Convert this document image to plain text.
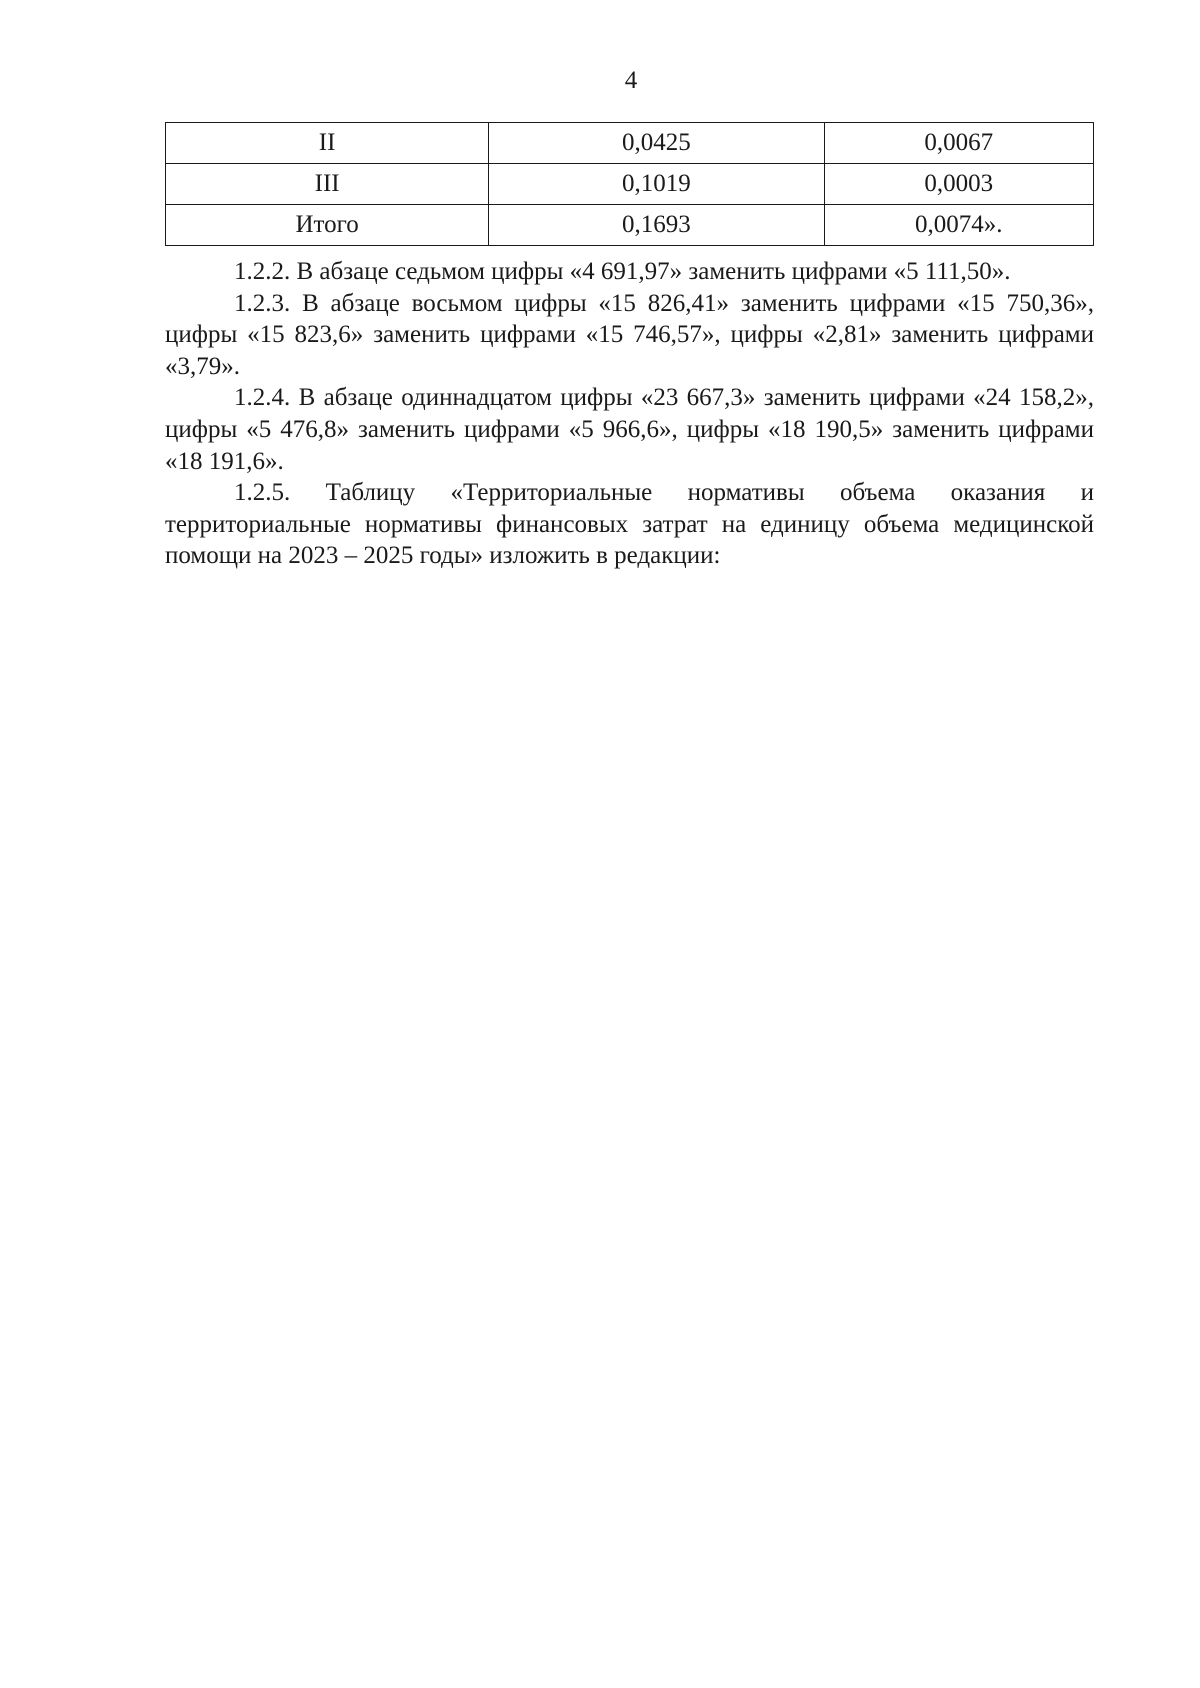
4
II	0,0425	0,0067
III	0,1019	0,0003
Итого	0,1693	0,0074».

1.2.2. В абзаце седьмом цифры «4 691,97» заменить цифрами «5 111,50».

1.2.3. В абзаце восьмом цифры «15 826,41» заменить цифрами «15 750,36», цифры «15 823,6» заменить цифрами «15 746,57», цифры «2,81» заменить цифрами «3,79».

1.2.4. В абзаце одиннадцатом цифры «23 667,3» заменить цифрами «24 158,2», цифры «5 476,8» заменить цифрами «5 966,6», цифры «18 190,5» заменить цифрами «18 191,6».

1.2.5. Таблицу «Территориальные нормативы объема оказания и территориальные нормативы финансовых затрат на единицу объема медицинской помощи на 2023 – 2025 годы» изложить в редакции:
